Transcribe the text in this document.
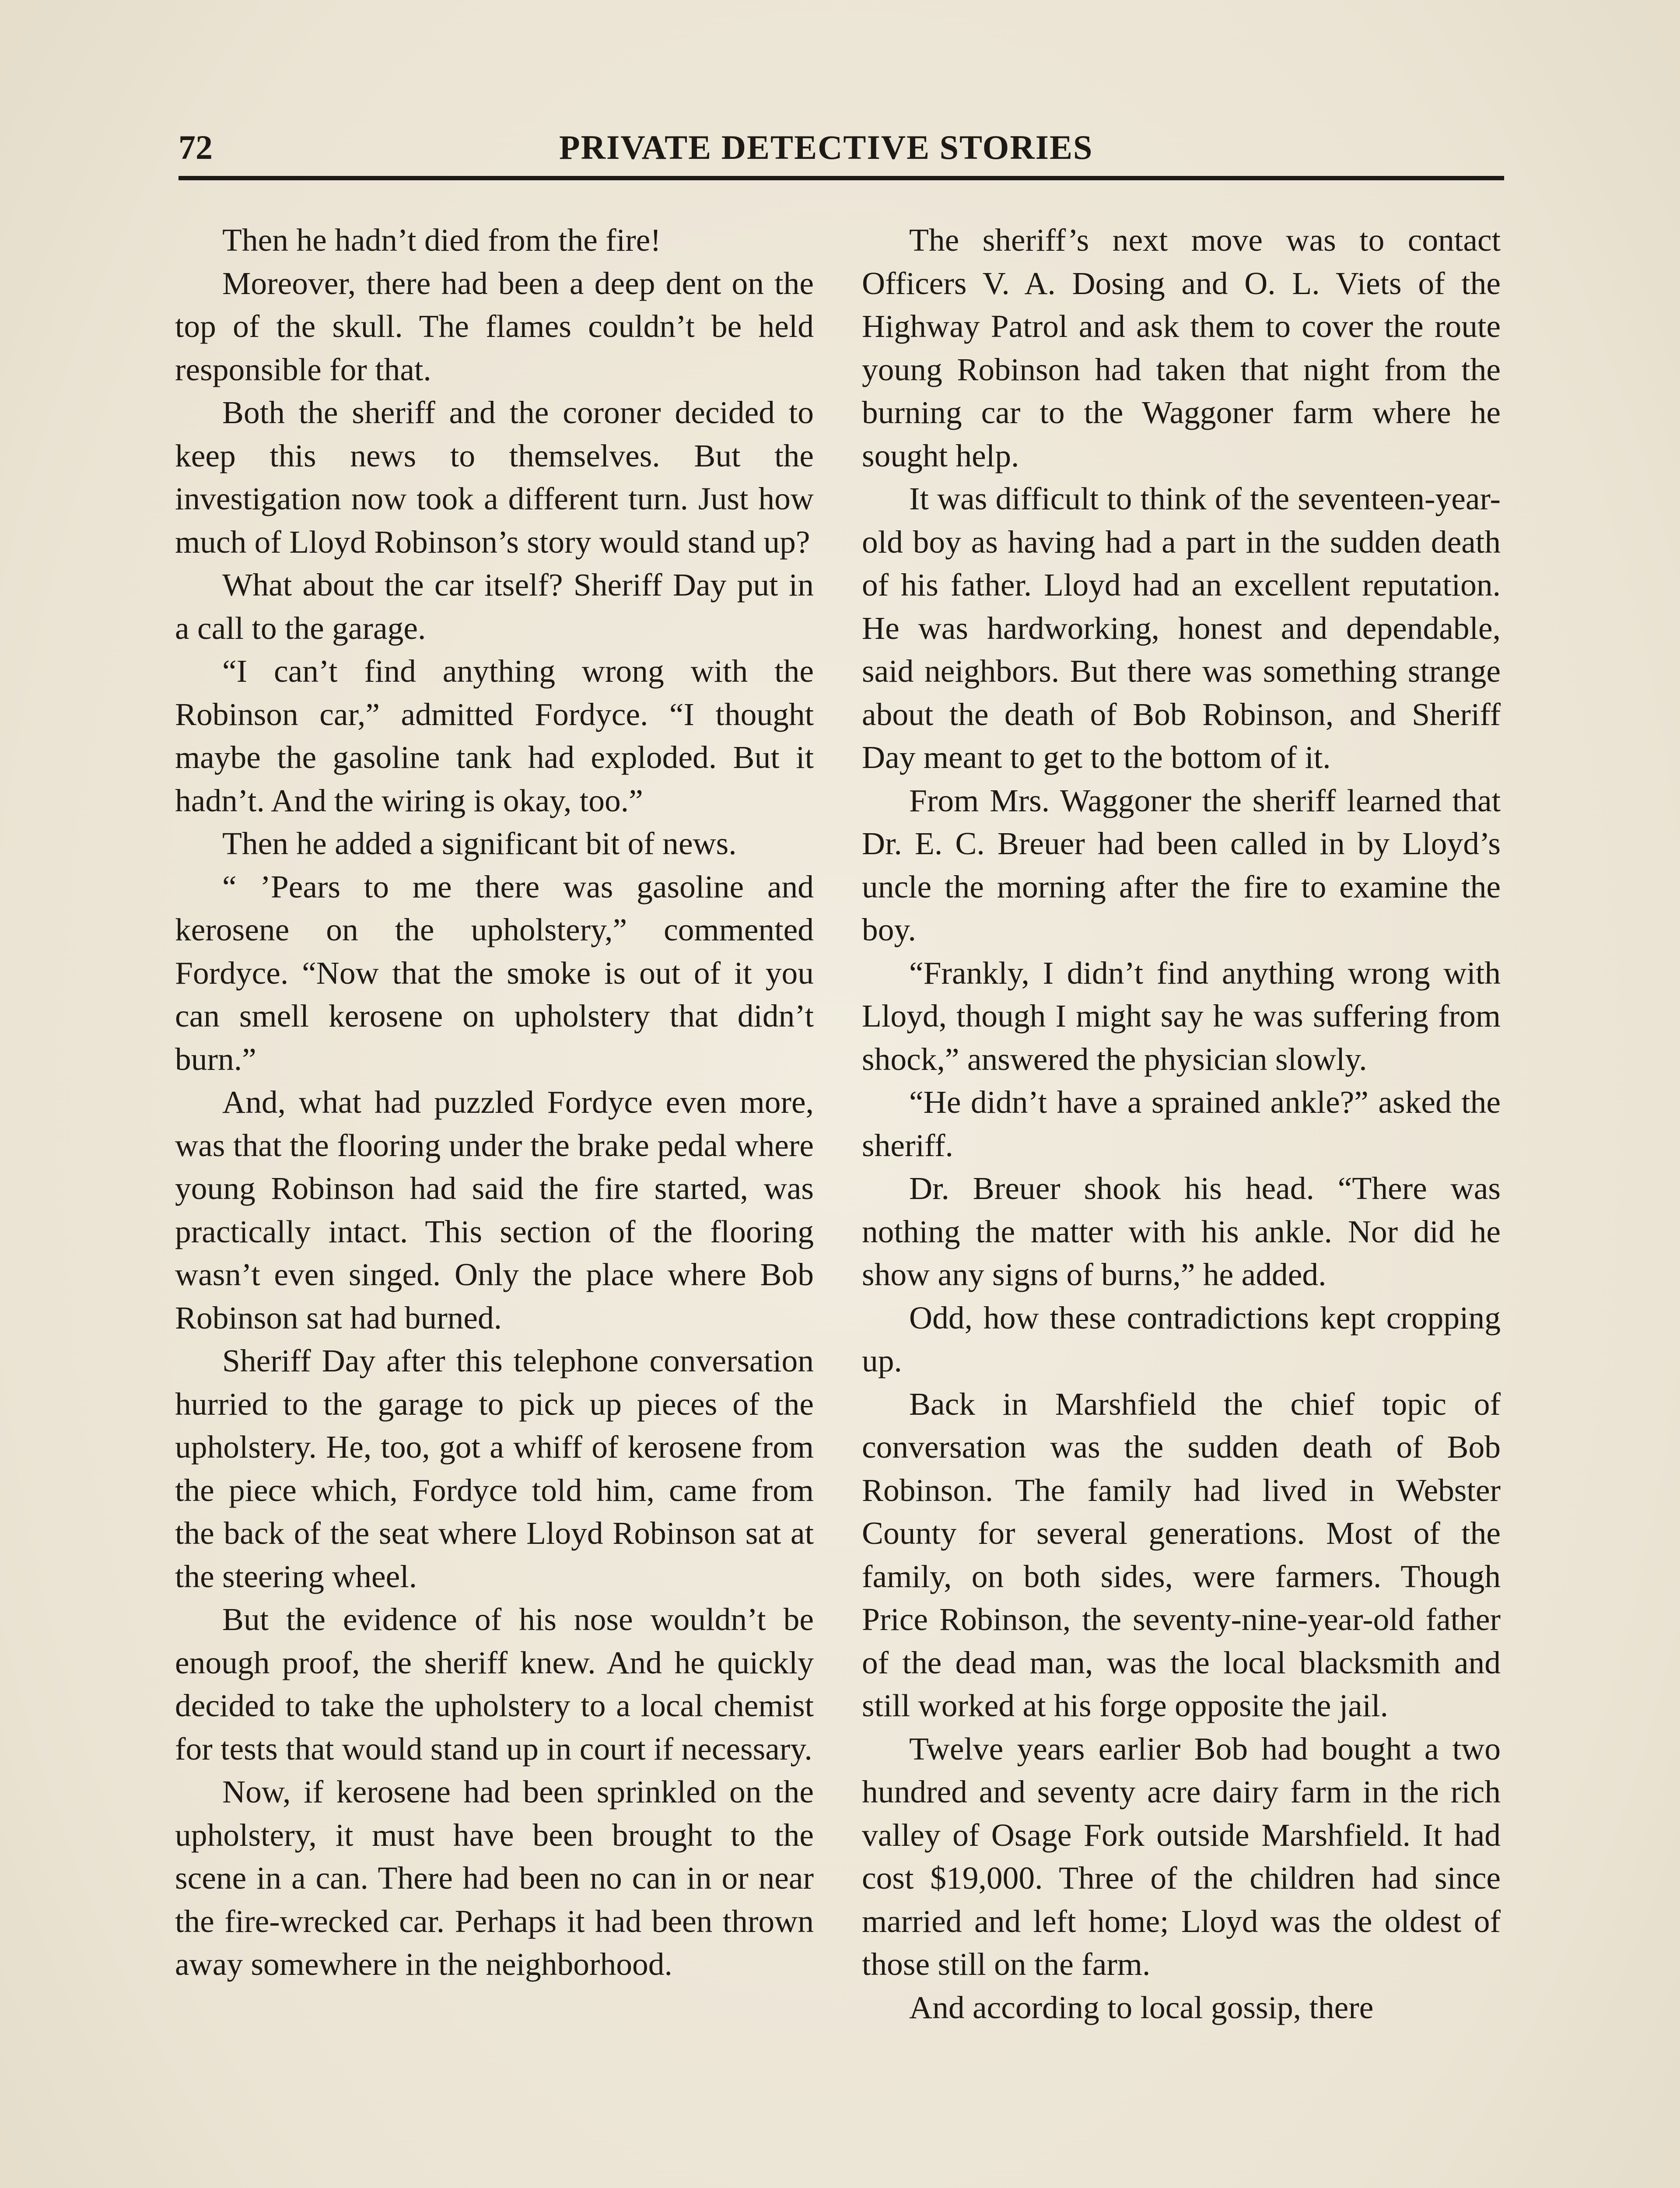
72	PRIVATE DETECTIVE STORIES

Then he hadn’t died from the fire!

Moreover, there had been a deep dent on the top of the skull. The flames couldn’t be held responsible for that.

Both the sheriff and the coroner decided to keep this news to themselves. But the investigation now took a different turn. Just how much of Lloyd Robinson’s story would stand up?

What about the car itself? Sheriff Day put in a call to the garage.

“I can’t find anything wrong with the Robinson car,” admitted Fordyce. “I thought maybe the gasoline tank had exploded. But it hadn’t. And the wiring is okay, too.”

Then he added a significant bit of news.

“ ’Pears to me there was gasoline and kerosene on the upholstery,” commented Fordyce. “Now that the smoke is out of it you can smell kerosene on upholstery that didn’t burn.”

And, what had puzzled Fordyce even more, was that the flooring under the brake pedal where young Robinson had said the fire started, was practically intact. This section of the flooring wasn’t even singed. Only the place where Bob Robinson sat had burned.

Sheriff Day after this telephone conversation hurried to the garage to pick up pieces of the upholstery. He, too, got a whiff of kerosene from the piece which, Fordyce told him, came from the back of the seat where Lloyd Robinson sat at the steering wheel.

But the evidence of his nose wouldn’t be enough proof, the sheriff knew. And he quickly decided to take the upholstery to a local chemist for tests that would stand up in court if necessary.

Now, if kerosene had been sprinkled on the upholstery, it must have been brought to the scene in a can. There had been no can in or near the fire-wrecked car. Perhaps it had been thrown away somewhere in the neighborhood.

The sheriff’s next move was to contact Officers V. A. Dosing and O. L. Viets of the Highway Patrol and ask them to cover the route young Robinson had taken that night from the burning car to the Waggoner farm where he sought help.

It was difficult to think of the seventeen-year-old boy as having had a part in the sudden death of his father. Lloyd had an excellent reputation. He was hardworking, honest and dependable, said neighbors. But there was something strange about the death of Bob Robinson, and Sheriff Day meant to get to the bottom of it.

From Mrs. Waggoner the sheriff learned that Dr. E. C. Breuer had been called in by Lloyd’s uncle the morning after the fire to examine the boy.

“Frankly, I didn’t find anything wrong with Lloyd, though I might say he was suffering from shock,” answered the physician slowly.

“He didn’t have a sprained ankle?” asked the sheriff.

Dr. Breuer shook his head. “There was nothing the matter with his ankle. Nor did he show any signs of burns,” he added.

Odd, how these contradictions kept cropping up.

Back in Marshfield the chief topic of conversation was the sudden death of Bob Robinson. The family had lived in Webster County for several generations. Most of the family, on both sides, were farmers. Though Price Robinson, the seventy-nine-year-old father of the dead man, was the local blacksmith and still worked at his forge opposite the jail.

Twelve years earlier Bob had bought a two hundred and seventy acre dairy farm in the rich valley of Osage Fork outside Marshfield. It had cost $19,000. Three of the children had since married and left home; Lloyd was the oldest of those still on the farm.

And according to local gossip, there
